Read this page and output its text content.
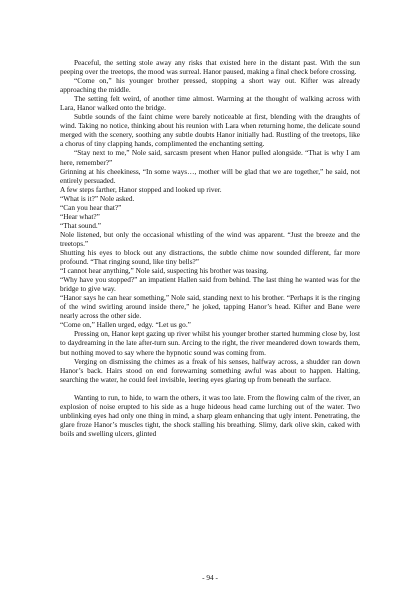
Peaceful, the setting stole away any risks that existed here in the distant past. With the sun peeping over the treetops, the mood was surreal. Hanor paused, making a final check before crossing.

“Come on,” his younger brother pressed, stopping a short way out. Kifter was already approaching the middle.

The setting felt weird, of another time almost. Warming at the thought of walking across with Lara, Hanor walked onto the bridge.

Subtle sounds of the faint chime were barely noticeable at first, blending with the draughts of wind. Taking no notice, thinking about his reunion with Lara when returning home, the delicate sound merged with the scenery, soothing any subtle doubts Hanor initially had. Rustling of the treetops, like a chorus of tiny clapping hands, complimented the enchanting setting.

“Stay next to me,” Nole said, sarcasm present when Hanor pulled alongside. “That is why I am here, remember?”

Grinning at his cheekiness, “In some ways…, mother will be glad that we are together,” he said, not entirely persuaded.

A few steps farther, Hanor stopped and looked up river.

“What is it?” Nole asked.

“Can you hear that?”

“Hear what?”

“That sound.”

Nole listened, but only the occasional whistling of the wind was apparent. “Just the breeze and the treetops.”

Shutting his eyes to block out any distractions, the subtle chime now sounded different, far more profound. “That ringing sound, like tiny bells?”

“I cannot hear anything,” Nole said, suspecting his brother was teasing.

“Why have you stopped?” an impatient Hallen said from behind. The last thing he wanted was for the bridge to give way.

“Hanor says he can hear something,” Nole said, standing next to his brother. “Perhaps it is the ringing of the wind swirling around inside there,” he joked, tapping Hanor’s head. Kifter and Bane were nearly across the other side.

“Come on,” Hallen urged, edgy. “Let us go.”

Pressing on, Hanor kept gazing up river whilst his younger brother started humming close by, lost to daydreaming in the late after-turn sun. Arcing to the right, the river meandered down towards them, but nothing moved to say where the hypnotic sound was coming from.

Verging on dismissing the chimes as a freak of his senses, halfway across, a shudder ran down Hanor’s back. Hairs stood on end forewarning something awful was about to happen. Halting, searching the water, he could feel invisible, leering eyes glaring up from beneath the surface.

Wanting to run, to hide, to warn the others, it was too late. From the flowing calm of the river, an explosion of noise erupted to his side as a huge hideous head came lurching out of the water. Two unblinking eyes had only one thing in mind, a sharp gleam enhancing that ugly intent. Penetrating, the glare froze Hanor’s muscles tight, the shock stalling his breathing. Slimy, dark olive skin, caked with boils and swelling ulcers, glinted

- 94 -
